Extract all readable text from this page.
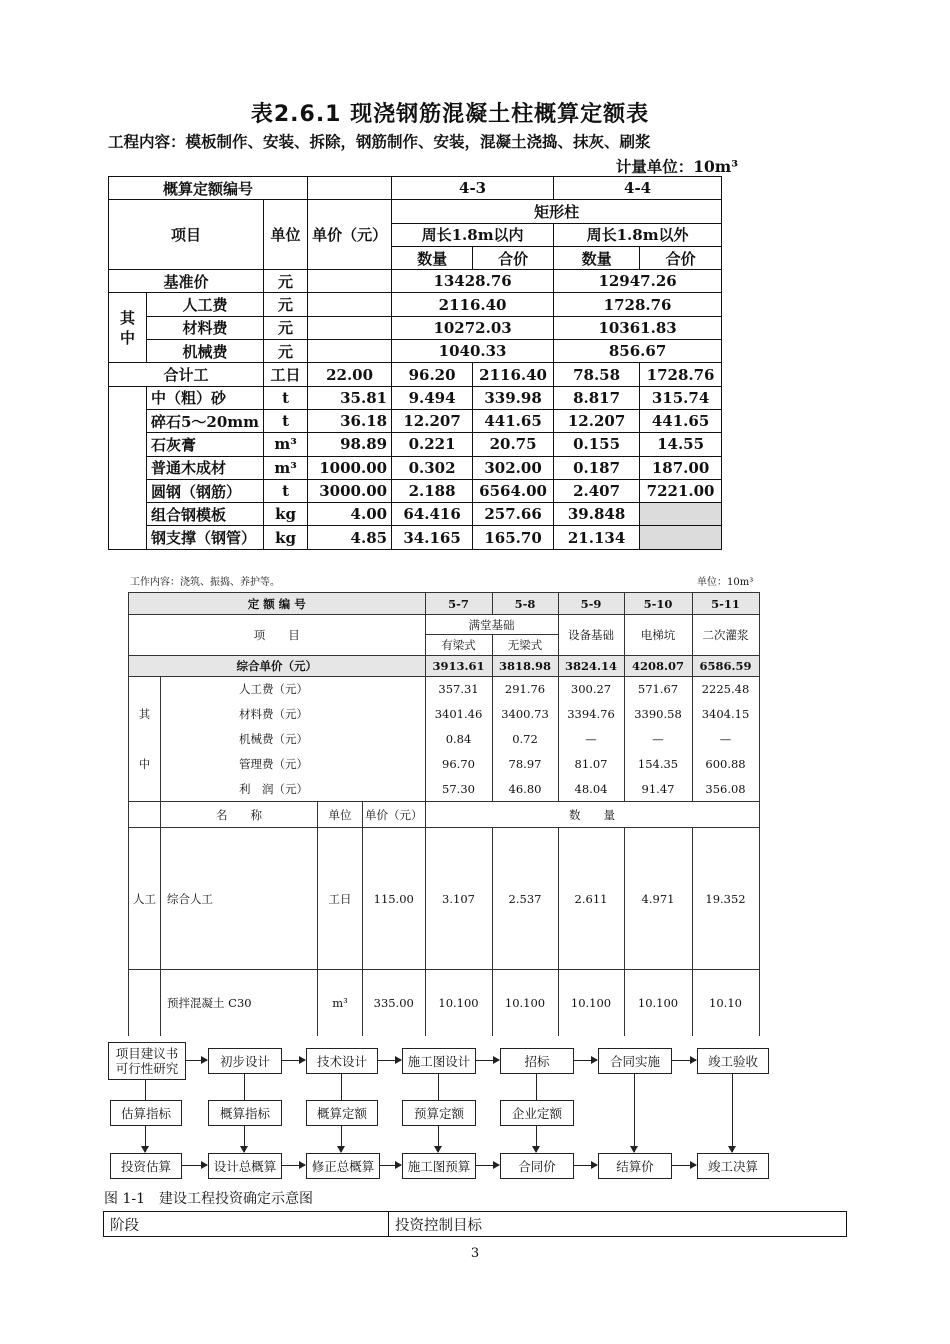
表2.6.1 现浇钢筋混凝土柱概算定额表
工程内容：模板制作、安装、拆除，钢筋制作、安装，混凝土浇捣、抹灰、刷浆
计量单位：10m³
概算定额编号				4-3		4-4	
项目		单位	单价（元）	矩形柱			
				周长1.8m以内		周长1.8m以外	
				数量	合价	数量	合价
基准价		元		13428.76		12947.26	
其中	人工费	元		2116.40		1728.76	
	材料费	元		10272.03		10361.83	
	机械费	元		1040.33		856.67	
合计工		工日	22.00	96.20	2116.40	78.58	1728.76
	中（粗）砂	t	35.81	9.494	339.98	8.817	315.74
	碎石5～20mm	t	36.18	12.207	441.65	12.207	441.65
	石灰膏	m³	98.89	0.221	20.75	0.155	14.55
	普通木成材	m³	1000.00	0.302	302.00	0.187	187.00
	圆钢（钢筋）	t	3000.00	2.188	6564.00	2.407	7221.00
	组合钢模板	kg	4.00	64.416	257.66	39.848	
	钢支撑（钢管）	kg	4.85	34.165	165.70	21.134	
工作内容：浇筑、振捣、养护等。	单位：10m³
定 额 编 号				5-7	5-8	5-9	5-10	5-11
项　　目				满堂基础		设备基础	电梯坑	二次灌浆
				有梁式	无梁式			
综合单价（元）				3913.61	3818.98	3824.14	4208.07	6586.59

其
中	人工费（元）			357.31	291.76	300.27	571.67	2225.48
	材料费（元）			3401.46	3400.73	3394.76	3390.58	3404.15
	机械费（元）			0.84	0.72	—	—	—
	管理费（元）			96.70	78.97	81.07	154.35	600.88
	利　润（元）			57.30	46.80	48.04	91.47	356.08
	名　　称	单位	单价（元）	数　　量				
人工	综合人工	工日	115.00	3.107	2.537	2.611	4.971	19.352
	预拌混凝土 C30	m³	335.00	10.100	10.100	10.100	10.100	10.10
项目建议书
可行性研究	初步设计	技术设计	施工图设计	招标	合同实施	竣工验收
估算指标	概算指标	概算定额	预算定额	企业定额
投资估算	设计总概算	修正总概算	施工图预算	合同价	结算价	竣工决算
图 1-1　建设工程投资确定示意图
阶段	投资控制目标
3
